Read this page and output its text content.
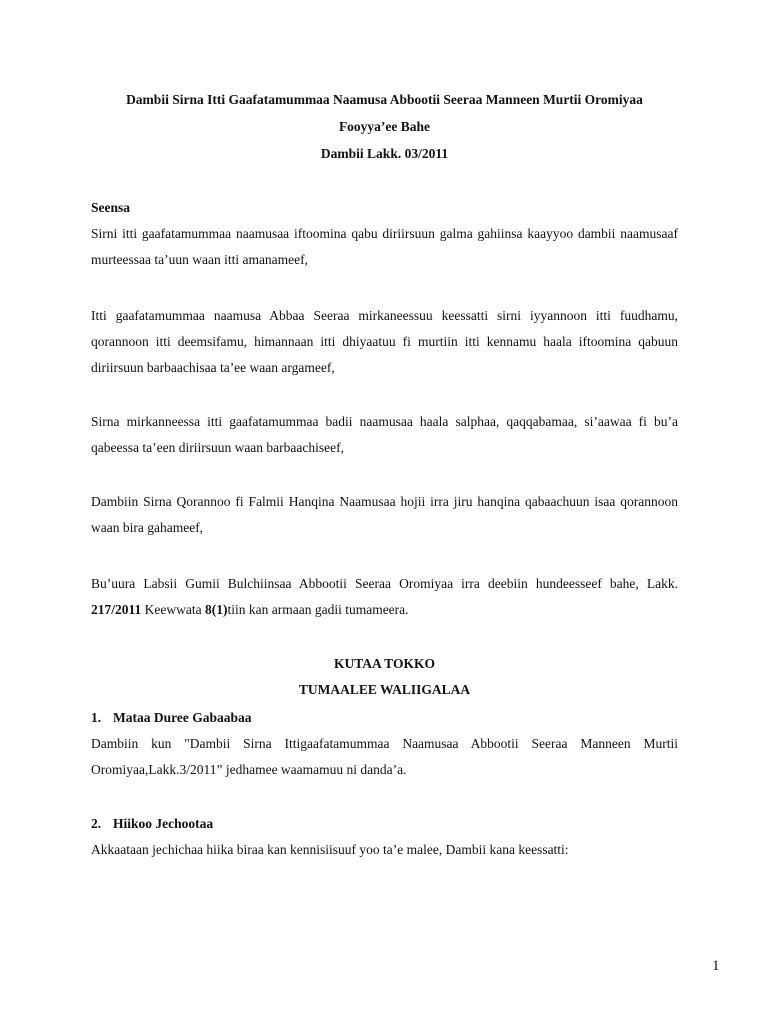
Dambii Sirna Itti Gaafatamummaa Naamusa Abbootii Seeraa Manneen Murtii Oromiyaa
Fooyya’ee Bahe
Dambii Lakk. 03/2011
Seensa
Sirni itti gaafatamummaa naamusaa iftoomina qabu diriirsuun galma gahiinsa kaayyoo dambii naamusaaf murteessaa ta’uun waan itti amanameef,
Itti gaafatamummaa naamusa Abbaa Seeraa mirkaneessuu keessatti sirni iyyannoon itti fuudhamu, qorannoon itti deemsifamu, himannaan itti dhiyaatuu fi murtiin itti kennamu haala iftoomina qabuun diriirsuun barbaachisaa ta’ee waan argameef,
Sirna mirkanneessa itti gaafatamummaa badii naamusaa haala salphaa, qaqqabamaa, si’aawaa fi bu’a qabeessa ta’een diriirsuun waan barbaachiseef,
Dambiin Sirna Qorannoo fi Falmii Hanqina Naamusaa hojii irra jiru hanqina qabaachuun isaa qorannoon waan bira gahameef,
Bu’uura Labsii Gumii Bulchiinsaa Abbootii Seeraa Oromiyaa irra deebiin hundeesseef bahe, Lakk. 217/2011 Keewwata 8(1)tiin kan armaan gadii tumameera.
KUTAA TOKKO
TUMAALEE WALIIGALAA
1. Mataa Duree Gabaabaa
Dambiin kun "Dambii Sirna Ittigaafatamummaa Naamusaa Abbootii Seeraa Manneen Murtii Oromiyaa,Lakk.3/2011” jedhamee waamamuu ni danda’a.
2. Hiikoo Jechootaa
Akkaataan jechichaa hiika biraa kan kennisiisuuf yoo ta’e malee, Dambii kana keessatti:
1
